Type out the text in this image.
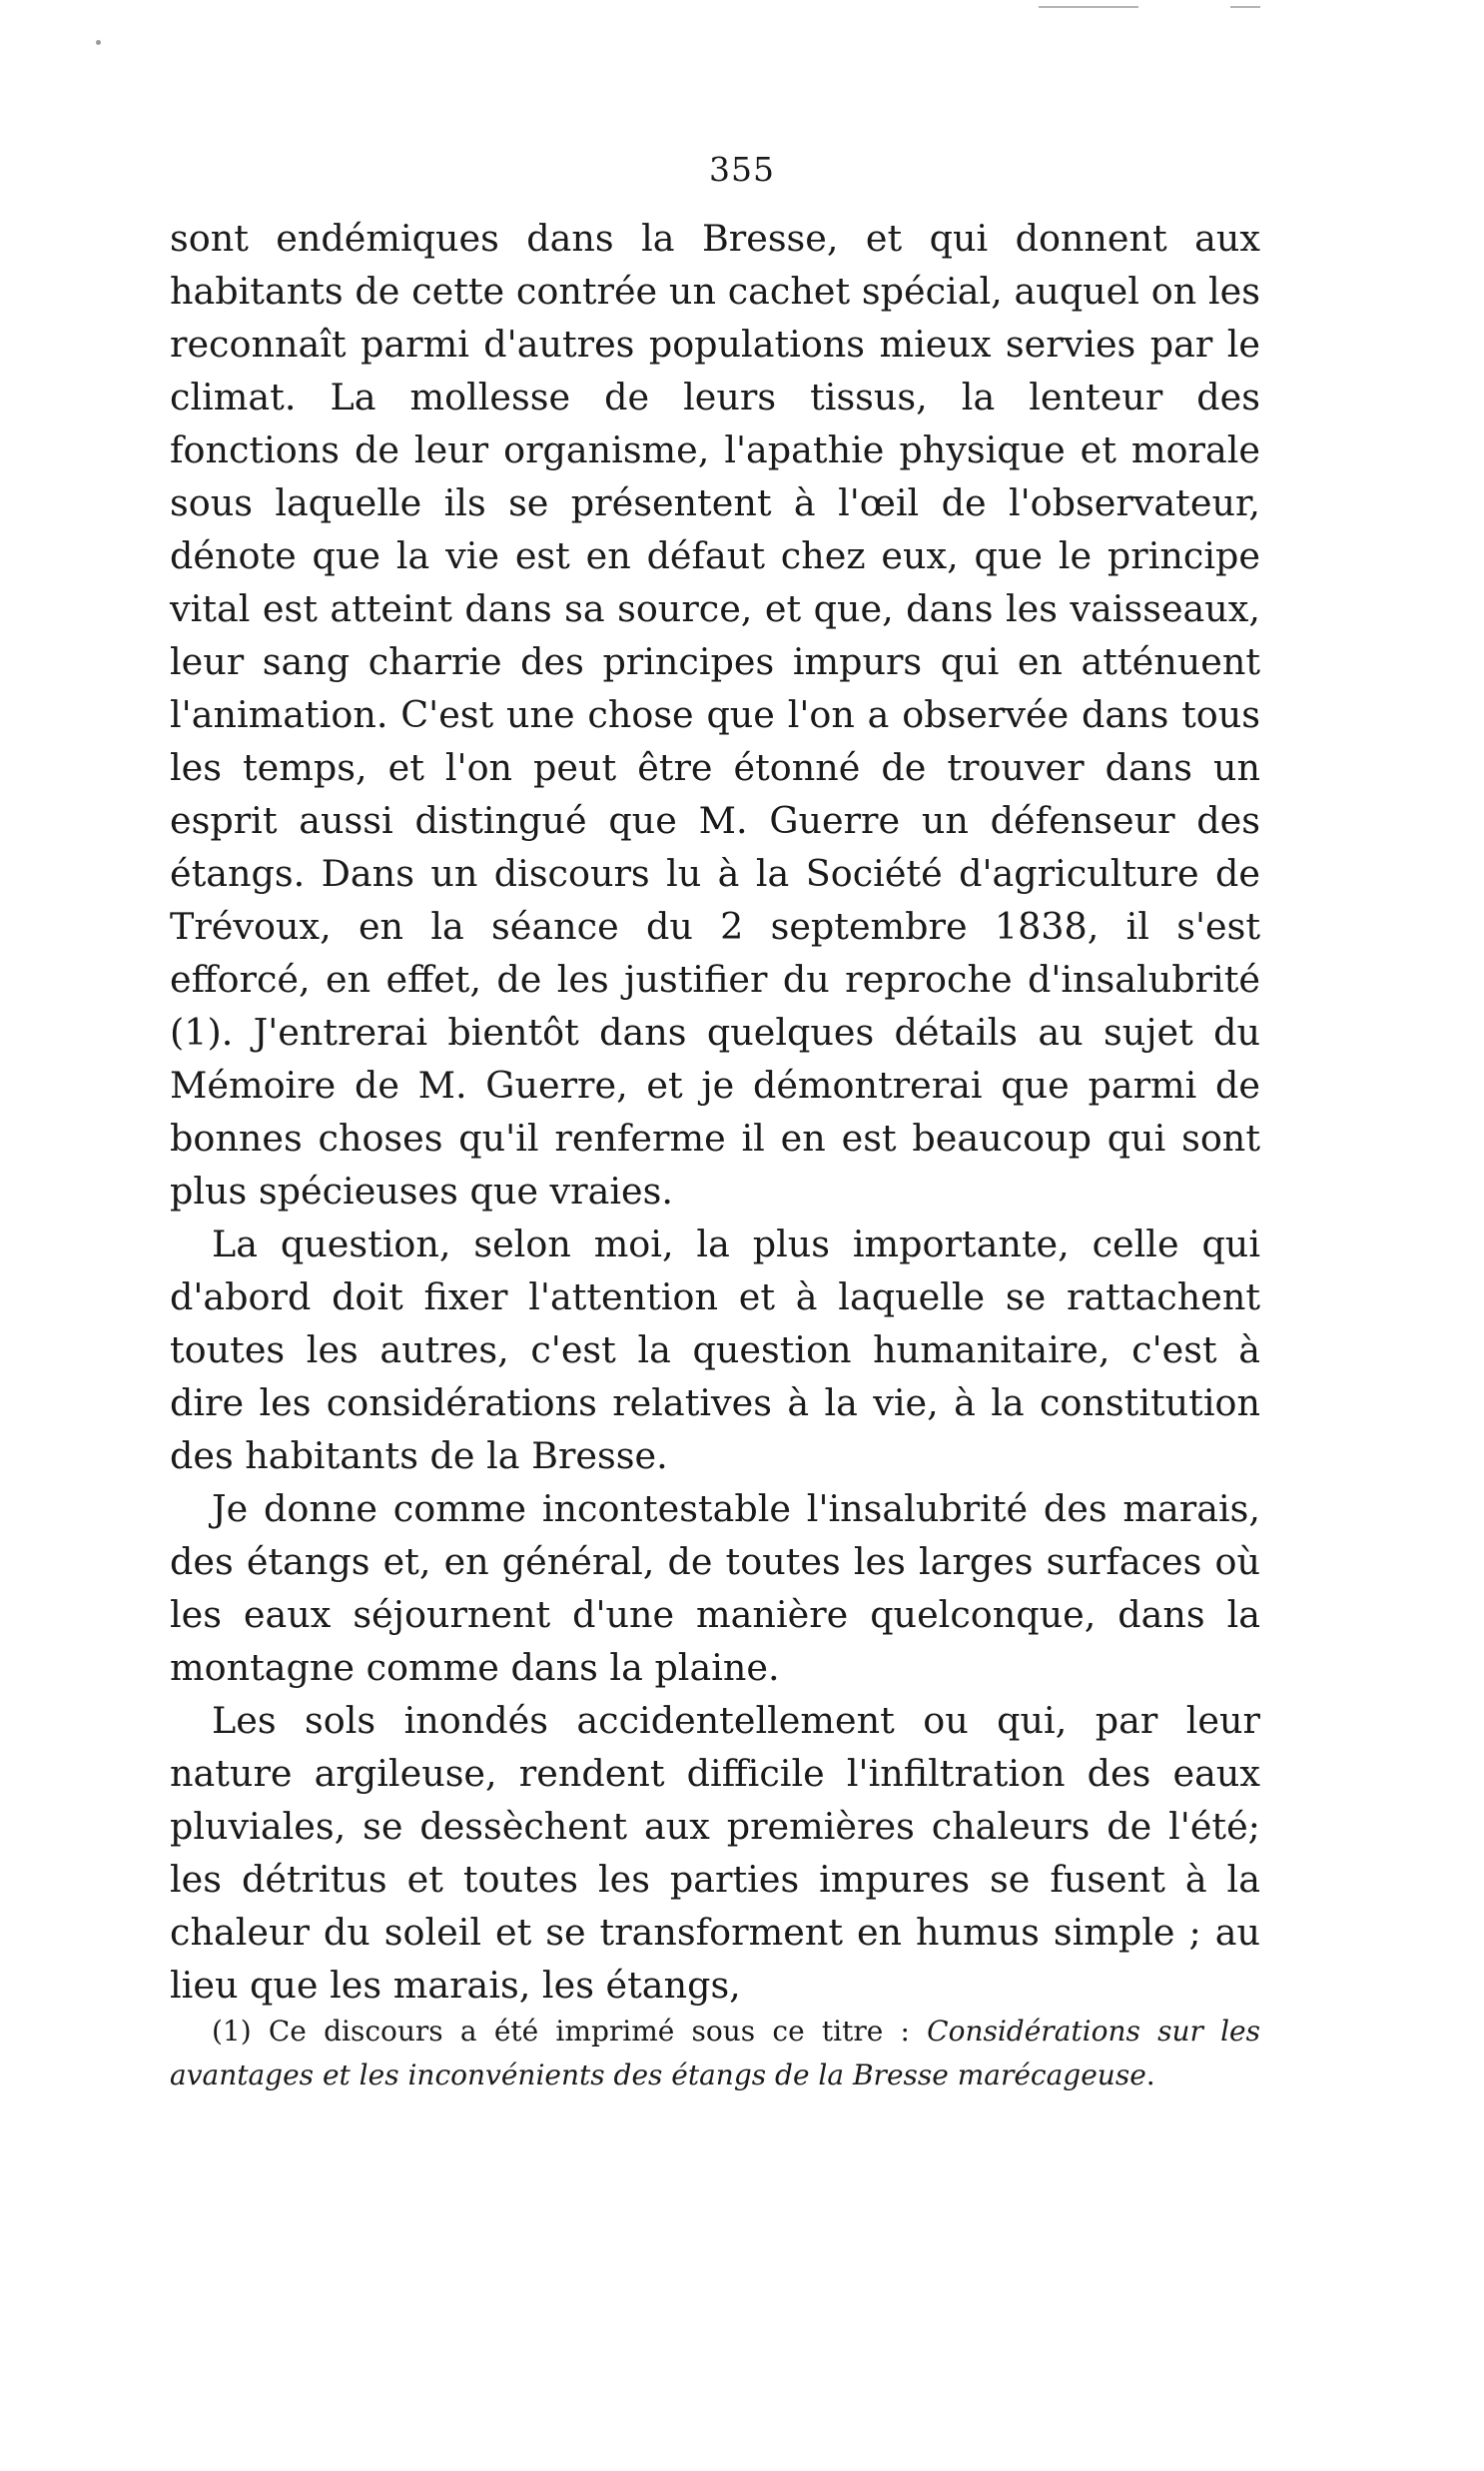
355

sont endémiques dans la Bresse, et qui donnent aux habitants de cette contrée un cachet spécial, auquel on les reconnaît parmi d'autres populations mieux servies par le climat. La mollesse de leurs tissus, la lenteur des fonctions de leur organisme, l'apathie physique et morale sous laquelle ils se présentent à l'œil de l'observateur, dénote que la vie est en défaut chez eux, que le principe vital est atteint dans sa source, et que, dans les vaisseaux, leur sang charrie des principes impurs qui en atténuent l'animation. C'est une chose que l'on a observée dans tous les temps, et l'on peut être étonné de trouver dans un esprit aussi distingué que M. Guerre un défenseur des étangs. Dans un discours lu à la Société d'agriculture de Trévoux, en la séance du 2 septembre 1838, il s'est efforcé, en effet, de les justifier du reproche d'insalubrité (1). J'entrerai bientôt dans quelques détails au sujet du Mémoire de M. Guerre, et je démontrerai que parmi de bonnes choses qu'il renferme il en est beaucoup qui sont plus spécieuses que vraies.

La question, selon moi, la plus importante, celle qui d'abord doit fixer l'attention et à laquelle se rattachent toutes les autres, c'est la question humanitaire, c'est à dire les considérations relatives à la vie, à la constitution des habitants de la Bresse.

Je donne comme incontestable l'insalubrité des marais, des étangs et, en général, de toutes les larges surfaces où les eaux séjournent d'une manière quelconque, dans la montagne comme dans la plaine.

Les sols inondés accidentellement ou qui, par leur nature argileuse, rendent difficile l'infiltration des eaux pluviales, se dessèchent aux premières chaleurs de l'été; les détritus et toutes les parties impures se fusent à la chaleur du soleil et se transforment en humus simple ; au lieu que les marais, les étangs,

(1) Ce discours a été imprimé sous ce titre : Considérations sur les avantages et les inconvénients des étangs de la Bresse marécageuse.
